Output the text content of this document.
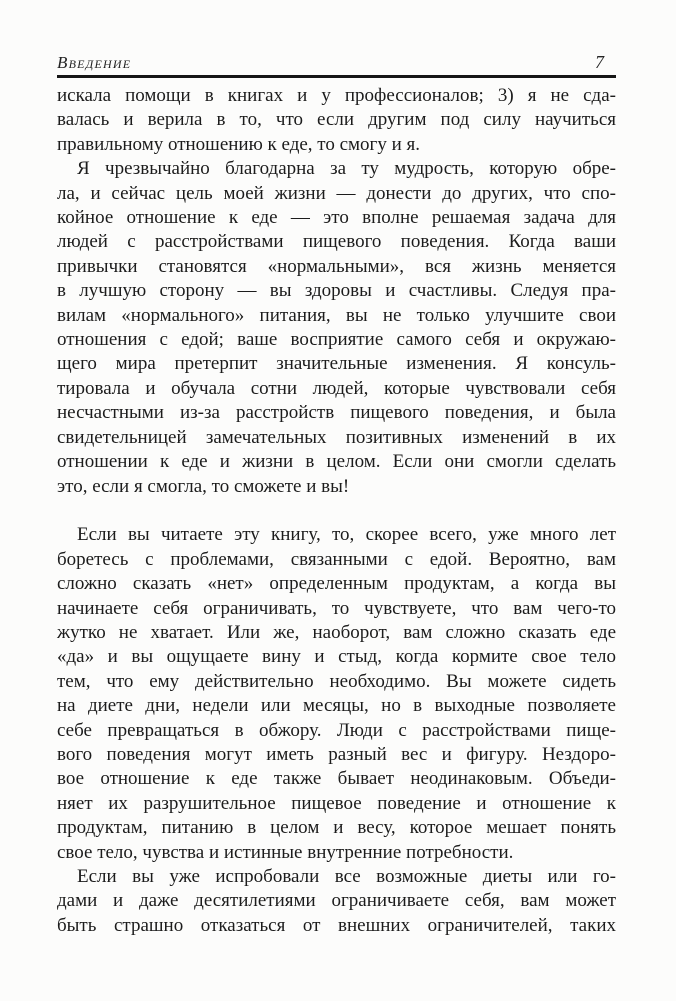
Введение	7
искала помощи в книгах и у профессионалов; 3) я не сда-
валась и верила в то, что если другим под силу научиться
правильному отношению к еде, то смогу и я.
Я чрезвычайно благодарна за ту мудрость, которую обре-
ла, и сейчас цель моей жизни — донести до других, что спо-
койное отношение к еде — это вполне решаемая задача для
людей с расстройствами пищевого поведения. Когда ваши
привычки становятся «нормальными», вся жизнь меняется
в лучшую сторону — вы здоровы и счастливы. Следуя пра-
вилам «нормального» питания, вы не только улучшите свои
отношения с едой; ваше восприятие самого себя и окружаю-
щего мира претерпит значительные изменения. Я консуль-
тировала и обучала сотни людей, которые чувствовали себя
несчастными из-за расстройств пищевого поведения, и была
свидетельницей замечательных позитивных изменений в их
отношении к еде и жизни в целом. Если они смогли сделать
это, если я смогла, то сможете и вы!
Если вы читаете эту книгу, то, скорее всего, уже много лет
боретесь с проблемами, связанными с едой. Вероятно, вам
сложно сказать «нет» определенным продуктам, а когда вы
начинаете себя ограничивать, то чувствуете, что вам чего-то
жутко не хватает. Или же, наоборот, вам сложно сказать еде
«да» и вы ощущаете вину и стыд, когда кормите свое тело
тем, что ему действительно необходимо. Вы можете сидеть
на диете дни, недели или месяцы, но в выходные позволяете
себе превращаться в обжору. Люди с расстройствами пище-
вого поведения могут иметь разный вес и фигуру. Нездоро-
вое отношение к еде также бывает неодинаковым. Объеди-
няет их разрушительное пищевое поведение и отношение к
продуктам, питанию в целом и весу, которое мешает понять
свое тело, чувства и истинные внутренние потребности.
Если вы уже испробовали все возможные диеты или го-
дами и даже десятилетиями ограничиваете себя, вам может
быть страшно отказаться от внешних ограничителей, таких
